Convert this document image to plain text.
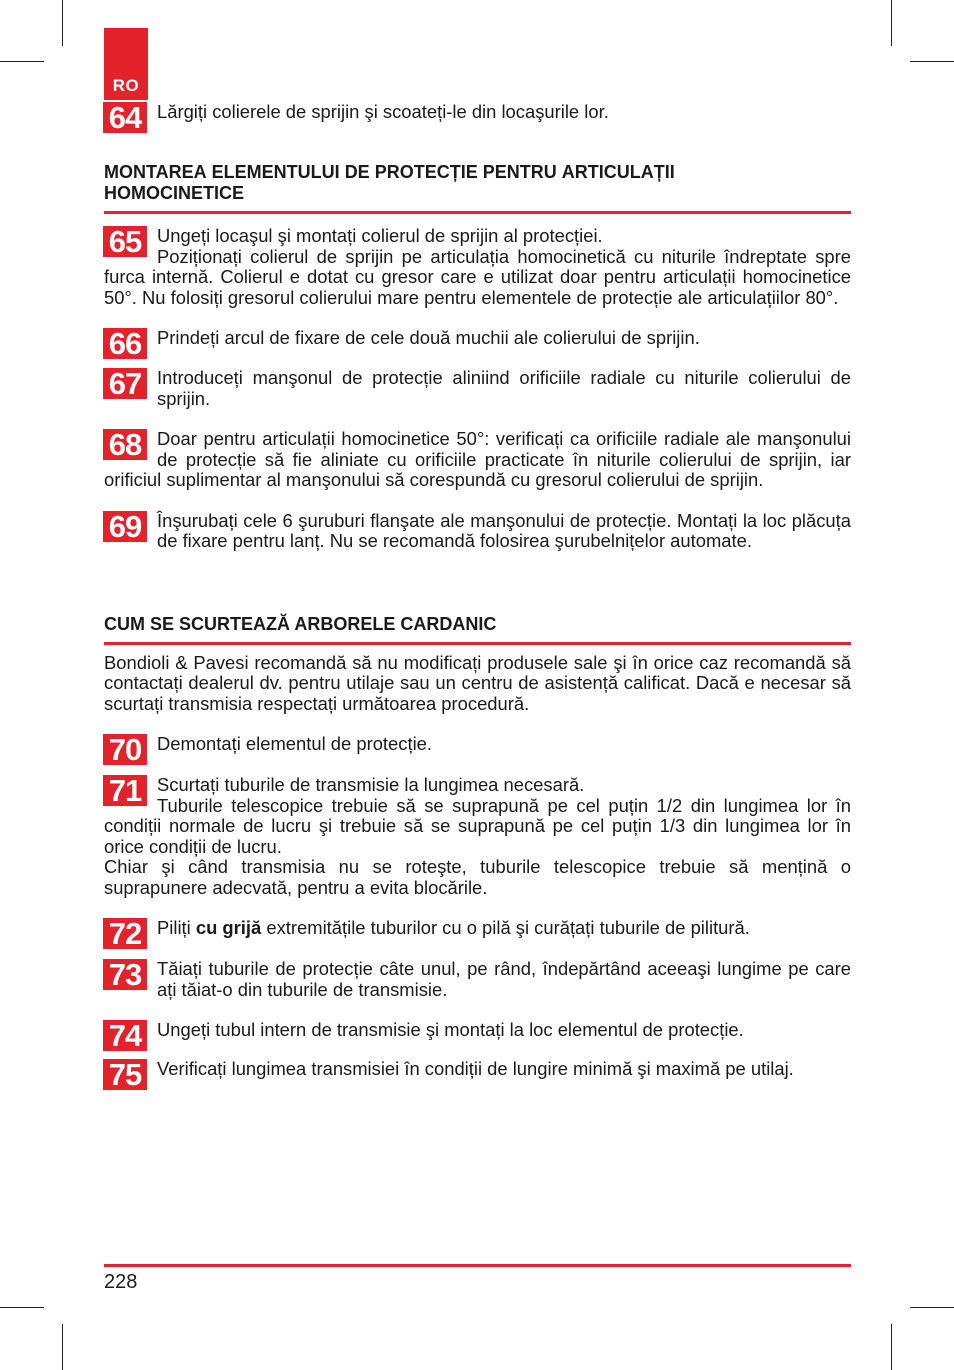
RO
64 Lărgiți colierele de sprijin şi scoateți-le din locaşurile lor.

MONTAREA ELEMENTULUI DE PROTECȚIE PENTRU ARTICULAȚII
HOMOCINETICE
65 Ungeți locaşul şi montați colierul de sprijin al protecției.

Poziționați colierul de sprijin pe articulația homocinetică cu niturile îndreptate spre furca internă. Colierul e dotat cu gresor care e utilizat doar pentru articulații homocinetice 50°. Nu folosiți gresorul colierului mare pentru elementele de protecție ale articulațiilor 80°.

66 Prindeți arcul de fixare de cele două muchii ale colierului de sprijin.

67 Introduceți manşonul de protecție aliniind orificiile radiale cu niturile colierului de sprijin.

68 Doar pentru articulații homocinetice 50°: verificați ca orificiile radiale ale manşonului de protecție să fie aliniate cu orificiile practicate în niturile colierului de sprijin, iar orificiul suplimentar al manşonului să corespundă cu gresorul colierului de sprijin.

69 Înşurubați cele 6 şuruburi flanşate ale manşonului de protecție. Montați la loc plăcuța de fixare pentru lanț. Nu se recomandă folosirea şurubelnițelor automate.

CUM SE SCURTEAZĂ ARBORELE CARDANIC

Bondioli & Pavesi recomandă să nu modificați produsele sale şi în orice caz recomandă să contactați dealerul dv. pentru utilaje sau un centru de asistență calificat. Dacă e necesar să scurtați transmisia respectați următoarea procedură.

70 Demontați elementul de protecție.

71 Scurtați tuburile de transmisie la lungimea necesară.

Tuburile telescopice trebuie să se suprapună pe cel puțin 1/2 din lungimea lor în condiții normale de lucru şi trebuie să se suprapună pe cel puțin 1/3 din lungimea lor în orice condiții de lucru.

Chiar şi când transmisia nu se roteşte, tuburile telescopice trebuie să mențină o suprapunere adecvată, pentru a evita blocările.

72 Piliți cu grijă extremitățile tuburilor cu o pilă şi curățați tuburile de pilitură.

73 Tăiați tuburile de protecție câte unul, pe rând, îndepărtând aceeaşi lungime pe care ați tăiat-o din tuburile de transmisie.

74 Ungeți tubul intern de transmisie şi montați la loc elementul de protecție.

75 Verificați lungimea transmisiei în condiții de lungire minimă şi maximă pe utilaj.

228
